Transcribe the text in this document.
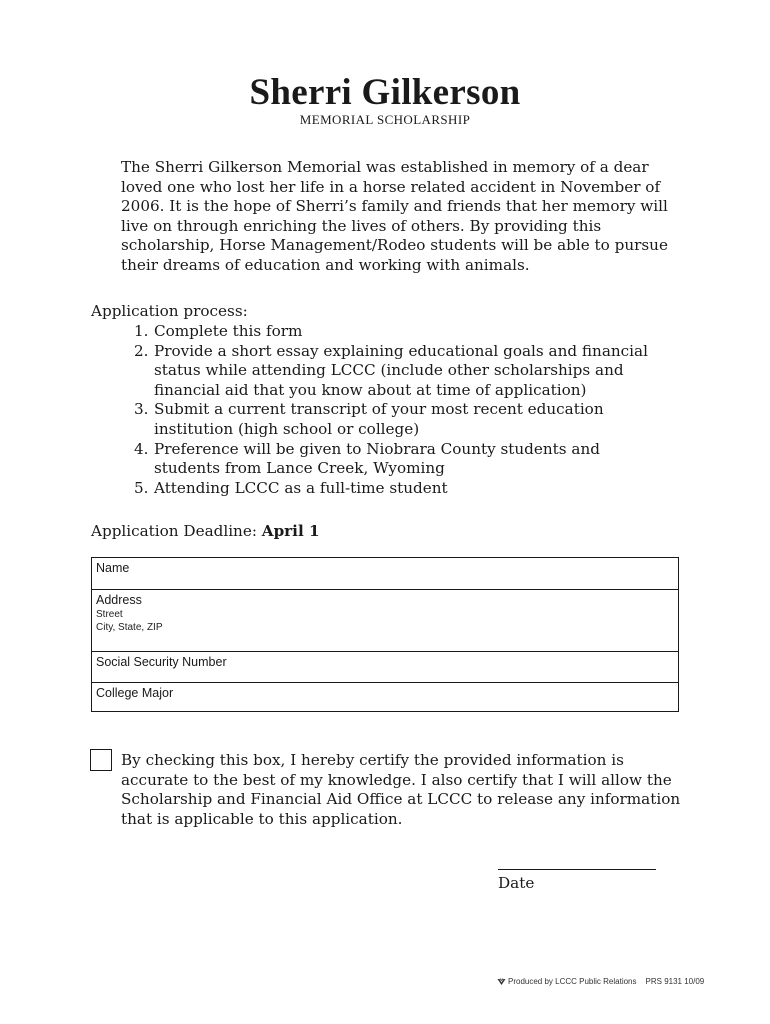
Sherri Gilkerson
MEMORIAL SCHOLARSHIP

The Sherri Gilkerson Memorial was established in memory of a dear loved one who lost her life in a horse related accident in November of 2006. It is the hope of Sherri’s family and friends that her memory will live on through enriching the lives of others. By providing this scholarship, Horse Management/Rodeo students will be able to pursue their dreams of education and working with animals.

Application process:
1. Complete this form
2. Provide a short essay explaining educational goals and financial status while attending LCCC (include other scholarships and financial aid that you know about at time of application)
3. Submit a current transcript of your most recent education institution (high school or college)
4. Preference will be given to Niobrara County students and students from Lance Creek, Wyoming
5. Attending LCCC as a full-time student
Application Deadline: April 1
Name
Address
Street
City, State, ZIP
Social Security Number
College Major

By checking this box, I hereby certify the provided information is accurate to the best of my knowledge. I also certify that I will allow the Scholarship and Financial Aid Office at LCCC to release any information that is applicable to this application.

Date
Produced by LCCC Public Relations PRS 9131 10/09
